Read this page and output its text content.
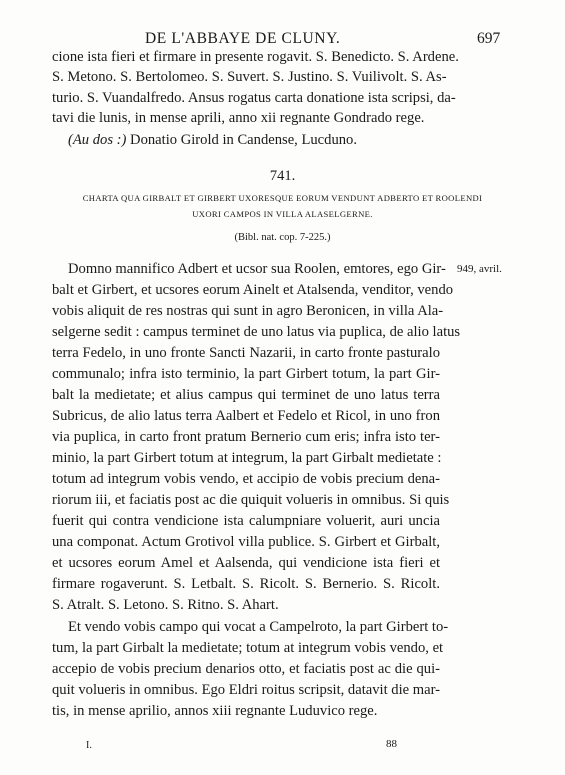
DE L'ABBAYE DE CLUNY.	697
cione ista fieri et firmare in presente rogavit. S. Benedicto. S. Ardene.
S. Metono. S. Bertolomeo. S. Suvert. S. Justino. S. Vuilivolt. S. As-
turio. S. Vuandalfredo. Ansus rogatus carta donatione ista scripsi, da-
tavi die lunis, in mense aprili, anno xii regnante Gondrado rege.
(Au dos :) Donatio Girold in Candense, Lucduno.
741.
CHARTA QUA GIRBALT ET GIRBERT UXORESQUE EORUM VENDUNT ADBERTO ET ROOLENDI
UXORI CAMPOS IN VILLA ALASELGERNE.
(Bibl. nat. cop. 7-225.)
949, avril.
Domno mannifico Adbert et ucsor sua Roolen, emtores, ego Gir-
balt et Girbert, et ucsores eorum Ainelt et Atalsenda, venditor, vendo
vobis aliquit de res nostras qui sunt in agro Beronicen, in villa Ala-
selgerne sedit : campus terminet de uno latus via puplica, de alio latus
terra Fedelo, in uno fronte Sancti Nazarii, in carto fronte pasturalo
communalo; infra isto terminio, la part Girbert totum, la part Gir-
balt la medietate; et alius campus qui terminet de uno latus terra
Subricus, de alio latus terra Aalbert et Fedelo et Ricol, in uno fron
via puplica, in carto front pratum Bernerio cum eris; infra isto ter-
minio, la part Girbert totum at integrum, la part Girbalt medietate :
totum ad integrum vobis vendo, et accipio de vobis precium dena-
riorum iii, et faciatis post ac die quiquit volueris in omnibus. Si quis
fuerit qui contra vendicione ista calumpniare voluerit, auri uncia
una componat. Actum Grotivol villa publice. S. Girbert et Girbalt,
et ucsores eorum Amel et Aalsenda, qui vendicione ista fieri et
firmare rogaverunt. S. Letbalt. S. Ricolt. S. Bernerio. S. Ricolt.
S. Atralt. S. Letono. S. Ritno. S. Ahart.
Et vendo vobis campo qui vocat a Campelroto, la part Girbert to-
tum, la part Girbalt la medietate; totum at integrum vobis vendo, et
accepio de vobis precium denarios otto, et faciatis post ac die qui-
quit volueris in omnibus. Ego Eldri roitus scripsit, datavit die mar-
tis, in mense aprilio, annos xiii regnante Luduvico rege.
I.	88
